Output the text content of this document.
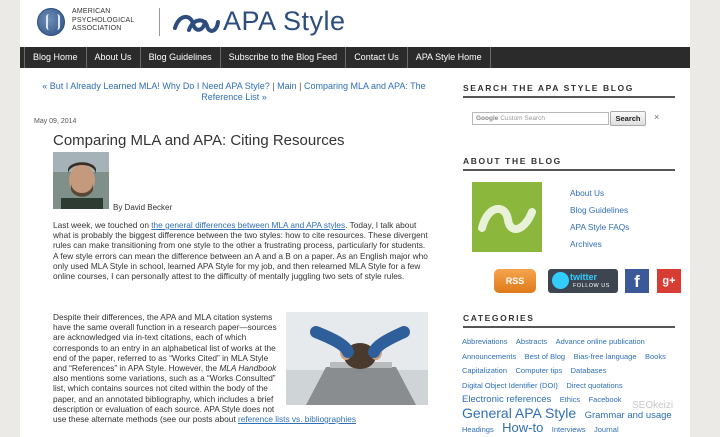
AMERICAN
PSYCHOLOGICAL
ASSOCIATION	APA Style
Blog Home	About Us	Blog Guidelines	Subscribe to the Blog Feed	Contact Us	APA Style Home
« But I Already Learned MLA! Why Do I Need APA Style? | Main | Comparing MLA and APA: The Reference List »
May 09, 2014
Comparing MLA and APA: Citing Resources
By David Becker

Last week, we touched on the general differences between MLA and APA styles. Today, I talk about what is probably the biggest difference between the two styles: how to cite resources. These divergent rules can make transitioning from one style to the other a frustrating process, particularly for students. A few style errors can mean the difference between an A and a B on a paper. As an English major who only used MLA Style in school, learned APA Style for my job, and then relearned MLA Style for a few online courses, I can personally attest to the difficulty of mentally juggling two sets of style rules.

Despite their differences, the APA and MLA citation systems have the same overall function in a research paper—sources are acknowledged via in-text citations, each of which corresponds to an entry in an alphabetical list of works at the end of the paper, referred to as “Works Cited” in MLA Style and “References” in APA Style. However, the MLA Handbook also mentions some variations, such as a “Works Consulted” list, which contains sources not cited within the body of the paper, and an annotated bibliography, which includes a brief description or evaluation of each source. APA Style does not use these alternate methods (see our posts about reference lists vs. bibliographies

SEARCH THE APA STYLE BLOG
Google Custom Search	Search	×
ABOUT THE BLOG
About Us
Blog Guidelines
APA Style FAQs
Archives
RSS	twitter
FOLLOW US	f	g+
CATEGORIES
Abbreviations Abstracts Advance online publication Announcements Best of Blog Bias-free language Books Capitalization Computer tips Databases Digital Object Identifier (DOI) Direct quotations Electronic references Ethics Facebook General APA Style Grammar and usage Headings How-to Interviews Journal
SEOkeizi
